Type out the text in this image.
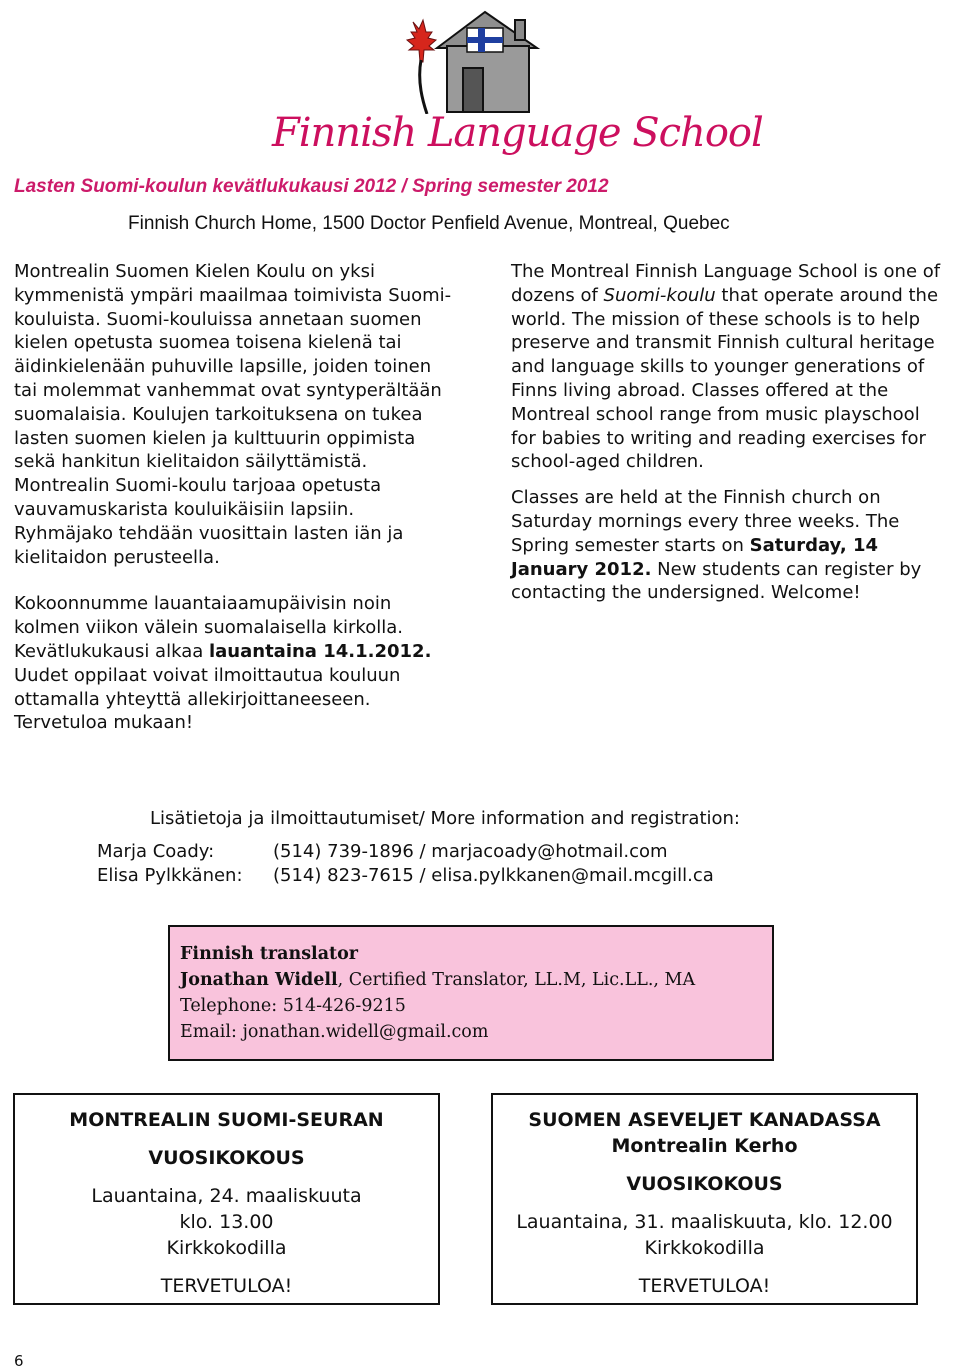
Finnish Language School
Lasten Suomi-koulun kevätlukukausi 2012 / Spring semester 2012
Finnish Church Home, 1500 Doctor Penfield Avenue, Montreal, Quebec

Montrealin Suomen Kielen Koulu on yksi kymmenistä ympäri maailmaa toimivista Suomi-kouluista. Suomi-kouluissa annetaan suomen kielen opetusta suomea toisena kielenä tai äidinkielenään puhuville lapsille, joiden toinen tai molemmat vanhemmat ovat syntyperältään suomalaisia. Koulujen tarkoituksena on tukea lasten suomen kielen ja kulttuurin oppimista sekä hankitun kielitaidon säilyttämistä. Montrealin Suomi-koulu tarjoaa opetusta vauvamuskarista kouluikäisiin lapsiin. Ryhmäjako tehdään vuosittain lasten iän ja kielitaidon perusteella.

Kokoonnumme lauantaiaamupäivisin noin kolmen viikon välein suomalaisella kirkolla. Kevätlukukausi alkaa lauantaina 14.1.2012. Uudet oppilaat voivat ilmoittautua kouluun ottamalla yhteyttä allekirjoittaneeseen. Tervetuloa mukaan!

The Montreal Finnish Language School is one of dozens of Suomi-koulu that operate around the world. The mission of these schools is to help preserve and transmit Finnish cultural heritage and language skills to younger generations of Finns living abroad. Classes offered at the Montreal school range from music playschool for babies to writing and reading exercises for school-aged children.

Classes are held at the Finnish church on Saturday mornings every three weeks. The Spring semester starts on Saturday, 14 January 2012. New students can register by contacting the undersigned. Welcome!

Lisätietoja ja ilmoittautumiset/ More information and registration:
Marja Coady:	(514) 739-1896 / marjacoady@hotmail.com
Elisa Pylkkänen: (514) 823-7615 / elisa.pylkkanen@mail.mcgill.ca

Finnish translator

Jonathan Widell, Certified Translator, LL.M, Lic.LL., MA

Telephone: 514-426-9215

Email: jonathan.widell@gmail.com

MONTREALIN SUOMI-SEURAN

VUOSIKOKOUS

Lauantaina, 24. maaliskuuta

klo. 13.00

Kirkkokodilla

TERVETULOA!

SUOMEN ASEVELJET KANADASSA

Montrealin Kerho

VUOSIKOKOUS

Lauantaina, 31. maaliskuuta, klo. 12.00

Kirkkokodilla

TERVETULOA!

6
